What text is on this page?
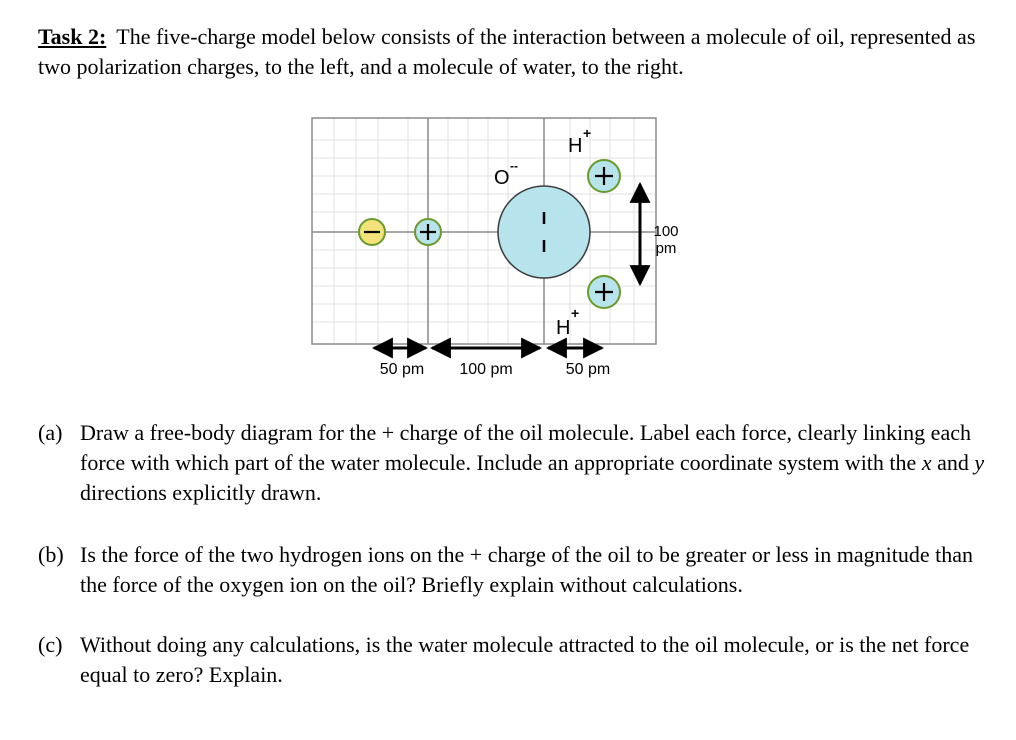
Task 2: The five-charge model below consists of the interaction between a molecule of oil, represented as two polarization charges, to the left, and a molecule of water, to the right.
O
--
H
+
H
+
100
pm
50 pm 100 pm	50 pm
(a) Draw a free-body diagram for the + charge of the oil molecule. Label each force, clearly linking each force with which part of the water molecule. Include an appropriate coordinate system with the x and y directions explicitly drawn.
(b) Is the force of the two hydrogen ions on the + charge of the oil to be greater or less in magnitude than the force of the oxygen ion on the oil? Briefly explain without calculations.
(c) Without doing any calculations, is the water molecule attracted to the oil molecule, or is the net force equal to zero? Explain.
